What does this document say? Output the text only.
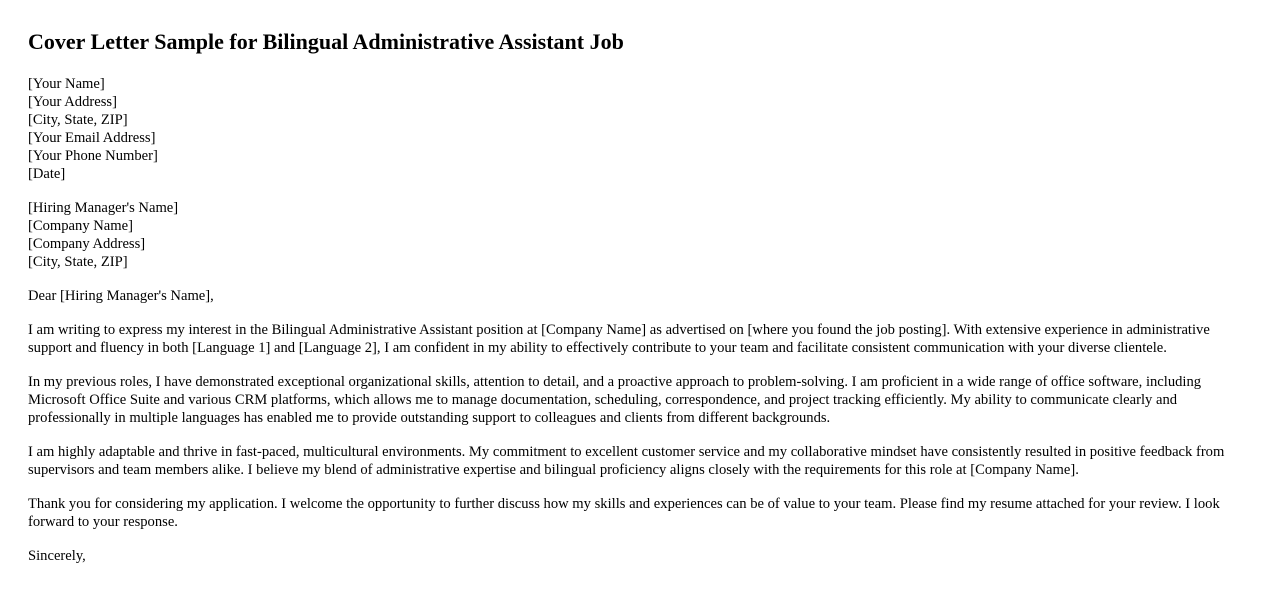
Cover Letter Sample for Bilingual Administrative Assistant Job
[Your Name]
[Your Address]
[City, State, ZIP]
[Your Email Address]
[Your Phone Number]
[Date]
[Hiring Manager's Name]
[Company Name]
[Company Address]
[City, State, ZIP]

Dear [Hiring Manager's Name],

I am writing to express my interest in the Bilingual Administrative Assistant position at [Company Name] as advertised on [where you found the job posting]. With extensive experience in administrative support and fluency in both [Language 1] and [Language 2], I am confident in my ability to effectively contribute to your team and facilitate consistent communication with your diverse clientele.

In my previous roles, I have demonstrated exceptional organizational skills, attention to detail, and a proactive approach to problem-solving. I am proficient in a wide range of office software, including Microsoft Office Suite and various CRM platforms, which allows me to manage documentation, scheduling, correspondence, and project tracking efficiently. My ability to communicate clearly and professionally in multiple languages has enabled me to provide outstanding support to colleagues and clients from different backgrounds.

I am highly adaptable and thrive in fast-paced, multicultural environments. My commitment to excellent customer service and my collaborative mindset have consistently resulted in positive feedback from supervisors and team members alike. I believe my blend of administrative expertise and bilingual proficiency aligns closely with the requirements for this role at [Company Name].

Thank you for considering my application. I welcome the opportunity to further discuss how my skills and experiences can be of value to your team. Please find my resume attached for your review. I look forward to your response.

Sincerely,
